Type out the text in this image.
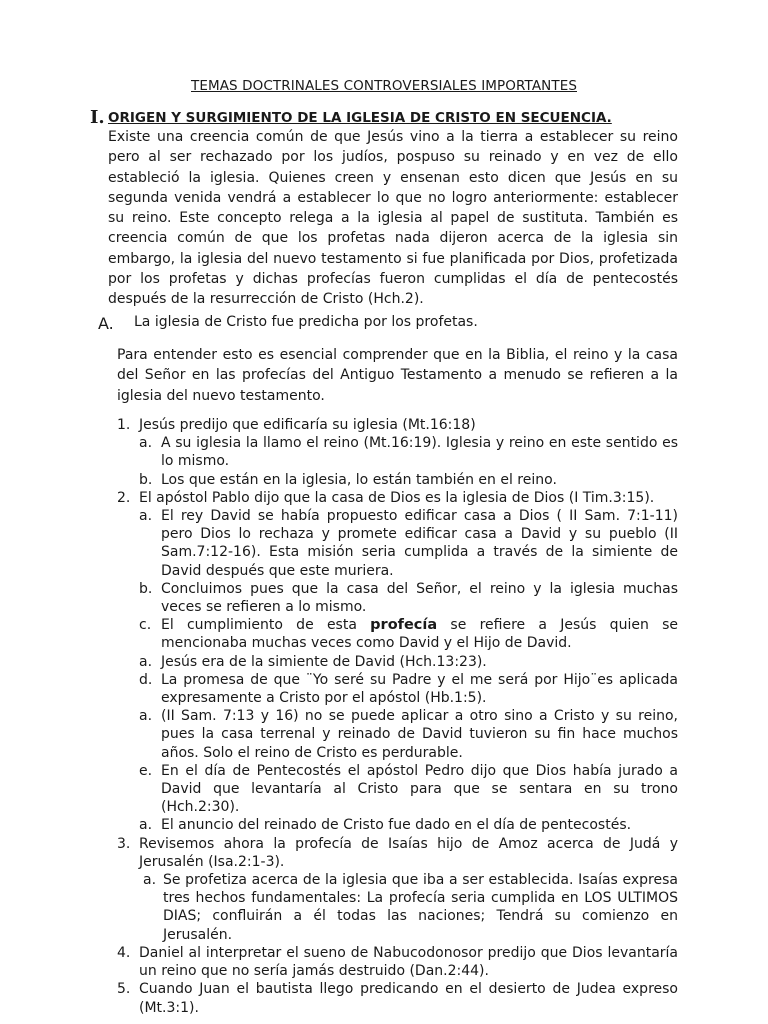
TEMAS DOCTRINALES CONTROVERSIALES IMPORTANTES
I. ORIGEN Y SURGIMIENTO DE LA IGLESIA DE CRISTO EN SECUENCIA.
Existe una creencia común de que Jesús vino a la tierra a establecer su reino pero al ser rechazado por los judíos, pospuso su reinado y en vez de ello estableció la iglesia. Quienes creen y ensenan esto dicen que Jesús en su segunda venida vendrá a establecer lo que no logro anteriormente: establecer su reino. Este concepto relega a la iglesia al papel de sustituta. También es creencia común de que los profetas nada dijeron acerca de la iglesia sin embargo, la iglesia del nuevo testamento si fue planificada por Dios, profetizada por los profetas y dichas profecías fueron cumplidas el día de pentecostés después de la resurrección de Cristo (Hch.2).
A. La iglesia de Cristo fue predicha por los profetas.
Para entender esto es esencial comprender que en la Biblia, el reino y la casa del Señor en las profecías del Antiguo Testamento a menudo se refieren a la iglesia del nuevo testamento.
1. Jesús predijo que edificaría su iglesia (Mt.16:18)
a. A su iglesia la llamo el reino (Mt.16:19). Iglesia y reino en este sentido es lo mismo.
b. Los que están en la iglesia, lo están también en el reino.
2. El apóstol Pablo dijo que la casa de Dios es la iglesia de Dios (I Tim.3:15).
a. El rey David se había propuesto edificar casa a Dios ( II Sam. 7:1-11) pero Dios lo rechaza y promete edificar casa a David y su pueblo (II Sam.7:12-16). Esta misión seria cumplida a través de la simiente de David después que este muriera.
b. Concluimos pues que la casa del Señor, el reino y la iglesia muchas veces se refieren a lo mismo.
c. El cumplimiento de esta profecía se refiere a Jesús quien se mencionaba muchas veces como David y el Hijo de David.
a. Jesús era de la simiente de David (Hch.13:23).
d. La promesa de que ¨Yo seré su Padre y el me será por Hijo¨es aplicada expresamente a Cristo por el apóstol (Hb.1:5).
a. (II Sam. 7:13 y 16) no se puede aplicar a otro sino a Cristo y su reino, pues la casa terrenal y reinado de David tuvieron su fin hace muchos años. Solo el reino de Cristo es perdurable.
e. En el día de Pentecostés el apóstol Pedro dijo que Dios había jurado a David que levantaría al Cristo para que se sentara en su trono (Hch.2:30).
a. El anuncio del reinado de Cristo fue dado en el día de pentecostés.
3. Revisemos ahora la profecía de Isaías hijo de Amoz acerca de Judá y Jerusalén (Isa.2:1-3).
a. Se profetiza acerca de la iglesia que iba a ser establecida. Isaías expresa tres hechos fundamentales: La profecía seria cumplida en LOS ULTIMOS DIAS; confluirán a él todas las naciones; Tendrá su comienzo en Jerusalén.
4. Daniel al interpretar el sueno de Nabucodonosor predijo que Dios levantaría un reino que no sería jamás destruido (Dan.2:44).
5. Cuando Juan el bautista llego predicando en el desierto de Judea expreso (Mt.3:1).
